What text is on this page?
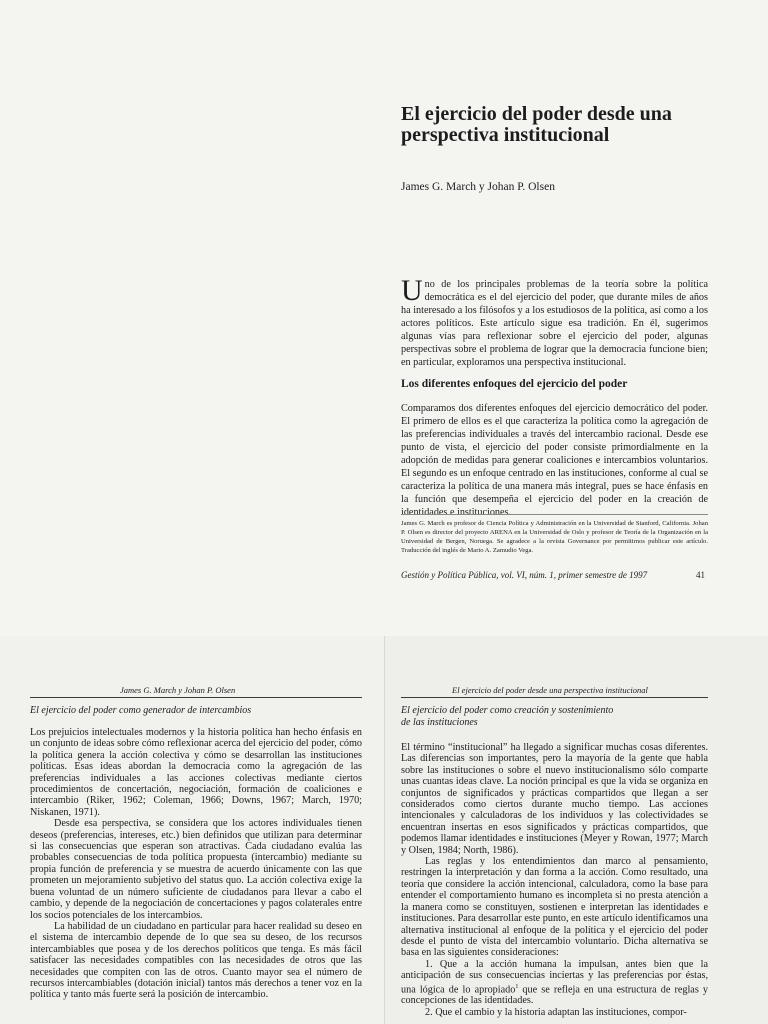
El ejercicio del poder desde una perspectiva institucional

James G. March y Johan P. Olsen

Uno de los principales problemas de la teoría sobre la política democrática es el del ejercicio del poder, que durante miles de años ha interesado a los filósofos y a los estudiosos de la política, así como a los actores políticos. Este artículo sigue esa tradición. En él, sugerimos algunas vías para reflexionar sobre el ejercicio del poder, algunas perspectivas sobre el problema de lograr que la democracia funcione bien; en particular, exploramos una perspectiva institucional.

Los diferentes enfoques del ejercicio del poder

Comparamos dos diferentes enfoques del ejercicio democrático del poder. El primero de ellos es el que caracteriza la política como la agregación de las preferencias individuales a través del intercambio racional. Desde ese punto de vista, el ejercicio del poder consiste primordialmente en la adopción de medidas para generar coaliciones e intercambios voluntarios. El segundo es un enfoque centrado en las instituciones, conforme al cual se caracteriza la política de una manera más integral, pues se hace énfasis en la función que desempeña el ejercicio del poder en la creación de identidades e instituciones.

James G. March es profesor de Ciencia Política y Administración en la Universidad de Stanford, California. Johan P. Olsen es director del proyecto ARENA en la Universidad de Oslo y profesor de Teoría de la Organización en la Universidad de Bergen, Noruega. Se agradece a la revista Governance por permitirnos publicar este artículo. Traducción del inglés de Mario A. Zamudio Vega.

Gestión y Política Pública, vol. VI, núm. 1, primer semestre de 1997	41

James G. March y Johan P. Olsen

El ejercicio del poder como generador de intercambios

Los prejuicios intelectuales modernos y la historia política han hecho énfasis en un conjunto de ideas sobre cómo reflexionar acerca del ejercicio del poder, cómo la política genera la acción colectiva y cómo se desarrollan las instituciones políticas. Esas ideas abordan la democracia como la agregación de las preferencias individuales a las acciones colectivas mediante ciertos procedimientos de concertación, negociación, formación de coaliciones e intercambio (Riker, 1962; Coleman, 1966; Downs, 1967; March, 1970; Niskanen, 1971).

Desde esa perspectiva, se considera que los actores individuales tienen deseos (preferencias, intereses, etc.) bien definidos que utilizan para determinar si las consecuencias que esperan son atractivas. Cada ciudadano evalúa las probables consecuencias de toda política propuesta (intercambio) mediante su propia función de preferencia y se muestra de acuerdo únicamente con las que prometen un mejoramiento subjetivo del status quo. La acción colectiva exige la buena voluntad de un número suficiente de ciudadanos para llevar a cabo el cambio, y depende de la negociación de concertaciones y pagos colaterales entre los socios potenciales de los intercambios.

La habilidad de un ciudadano en particular para hacer realidad su deseo en el sistema de intercambio depende de lo que sea su deseo, de los recursos intercambiables que posea y de los derechos políticos que tenga. Es más fácil satisfacer las necesidades compatibles con las necesidades de otros que las necesidades que compiten con las de otros. Cuanto mayor sea el número de recursos intercambiables (dotación inicial) tantos más derechos a tener voz en la política y tanto más fuerte será la posición de intercambio.

El ejercicio del poder desde una perspectiva institucional

El ejercicio del poder como creación y sostenimiento
de las instituciones

El término “institucional” ha llegado a significar muchas cosas diferentes. Las diferencias son importantes, pero la mayoría de la gente que habla sobre las instituciones o sobre el nuevo institucionalismo sólo comparte unas cuantas ideas clave. La noción principal es que la vida se organiza en conjuntos de significados y prácticas compartidos que llegan a ser considerados como ciertos durante mucho tiempo. Las acciones intencionales y calculadoras de los individuos y las colectividades se encuentran insertas en esos significados y prácticas compartidos, que podemos llamar identidades e instituciones (Meyer y Rowan, 1977; March y Olsen, 1984; North, 1986).

Las reglas y los entendimientos dan marco al pensamiento, restringen la interpretación y dan forma a la acción. Como resultado, una teoría que considere la acción intencional, calculadora, como la base para entender el comportamiento humano es incompleta si no presta atención a la manera como se constituyen, sostienen e interpretan las identidades e instituciones. Para desarrollar este punto, en este artículo identificamos una alternativa institucional al enfoque de la política y el ejercicio del poder desde el punto de vista del intercambio voluntario. Dicha alternativa se basa en las siguientes consideraciones:

1. Que a la acción humana la impulsan, antes bien que la anticipación de sus consecuencias inciertas y las preferencias por éstas, una lógica de lo apropiado$^1$ que se refleja en una estructura de reglas y concepciones de las identidades.

2. Que el cambio y la historia adaptan las instituciones, compor-
